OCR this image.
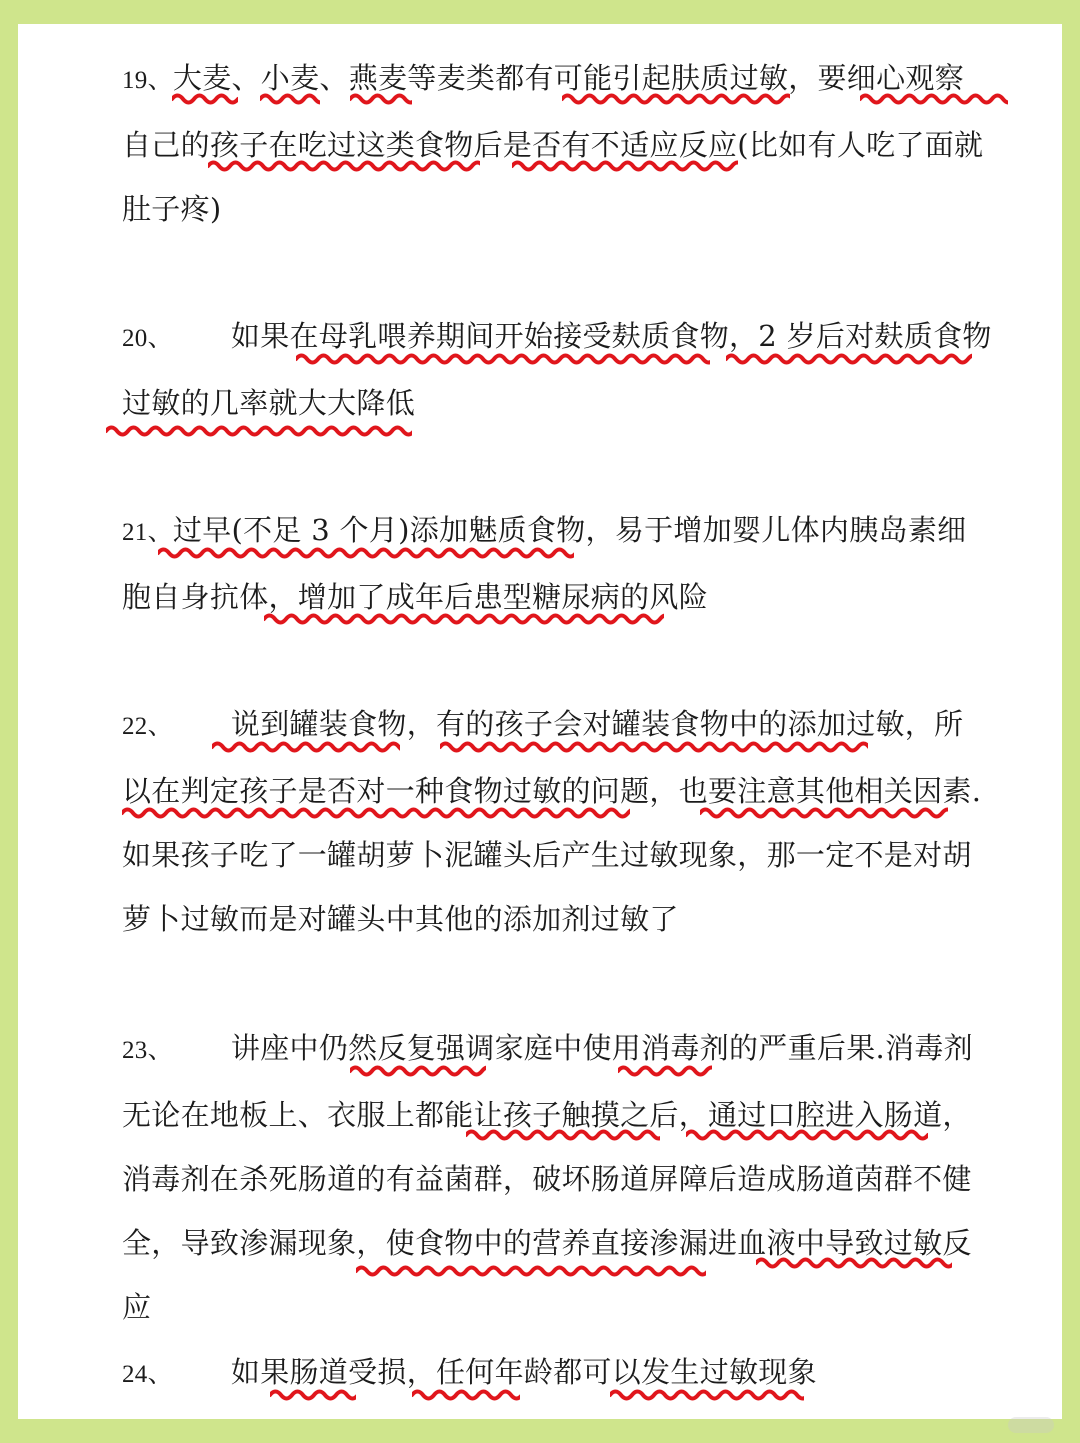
19、大麦、小麦、燕麦等麦类都有可能引起肤质过敏，要细心观察自己的孩子在吃过这类食物后是否有不适应反应(比如有人吃了面就肚子疼)
20、 如果在母乳喂养期间开始接受麸质食物，2 岁后对麸质食物过敏的几率就大大降低
21、过早(不足 3 个月)添加魅质食物，易于增加婴儿体内胰岛素细胞自身抗体，增加了成年后患型糖尿病的风险
22、 说到罐装食物，有的孩子会对罐装食物中的添加过敏，所以在判定孩子是否对一种食物过敏的问题，也要注意其他相关因素.如果孩子吃了一罐胡萝卜泥罐头后产生过敏现象，那一定不是对胡萝卜过敏而是对罐头中其他的添加剂过敏了
23、 讲座中仍然反复强调家庭中使用消毒剂的严重后果.消毒剂无论在地板上、衣服上都能让孩子触摸之后，通过口腔进入肠道，消毒剂在杀死肠道的有益菌群，破坏肠道屏障后造成肠道茵群不健全，导致渗漏现象，使食物中的营养直接渗漏进血液中导致过敏反应
24、 如果肠道受损，任何年龄都可以发生过敏现象
